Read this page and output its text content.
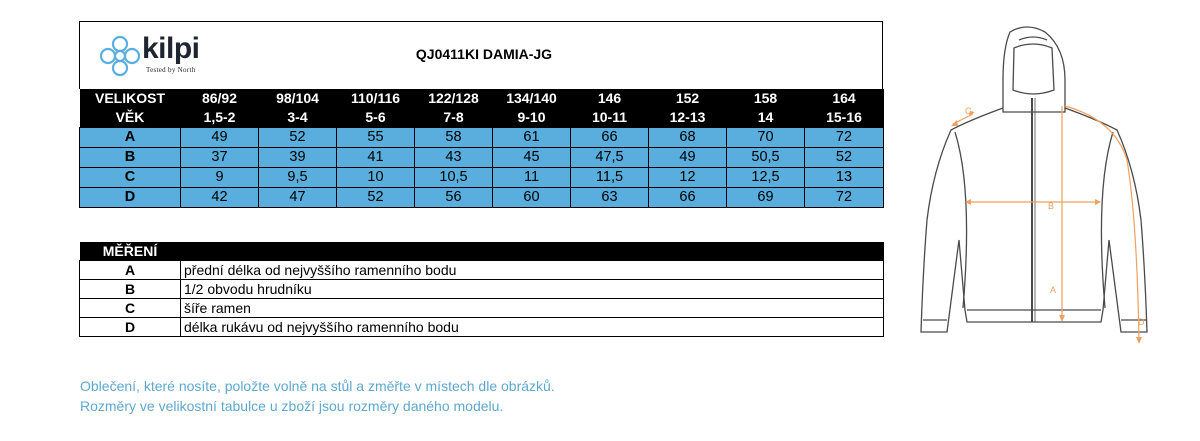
kilpi
Tested by North
QJ0411KI DAMIA-JG
VELIKOST	86/92	98/104	110/116	122/128	134/140	146	152	158	164
VĚK	1,5-2	3-4	5-6	7-8	9-10	10-11	12-13	14	15-16
A	49	52	55	58	61	66	68	70	72
B	37	39	41	43	45	47,5	49	50,5	52
C	9	9,5	10	10,5	11	11,5	12	12,5	13
D	42	47	52	56	60	63	66	69	72
MĚŘENÍ	
A	přední délka od nejvyššího ramenního bodu
B	1/2 obvodu hrudníku
C	šíře ramen
D	délka rukávu od nejvyššího ramenního bodu
Oblečení, které nosíte, položte volně na stůl a změřte v místech dle obrázků.
Rozměry ve velikostní tabulce u zboží jsou rozměry daného modelu.
C
B
A
D
